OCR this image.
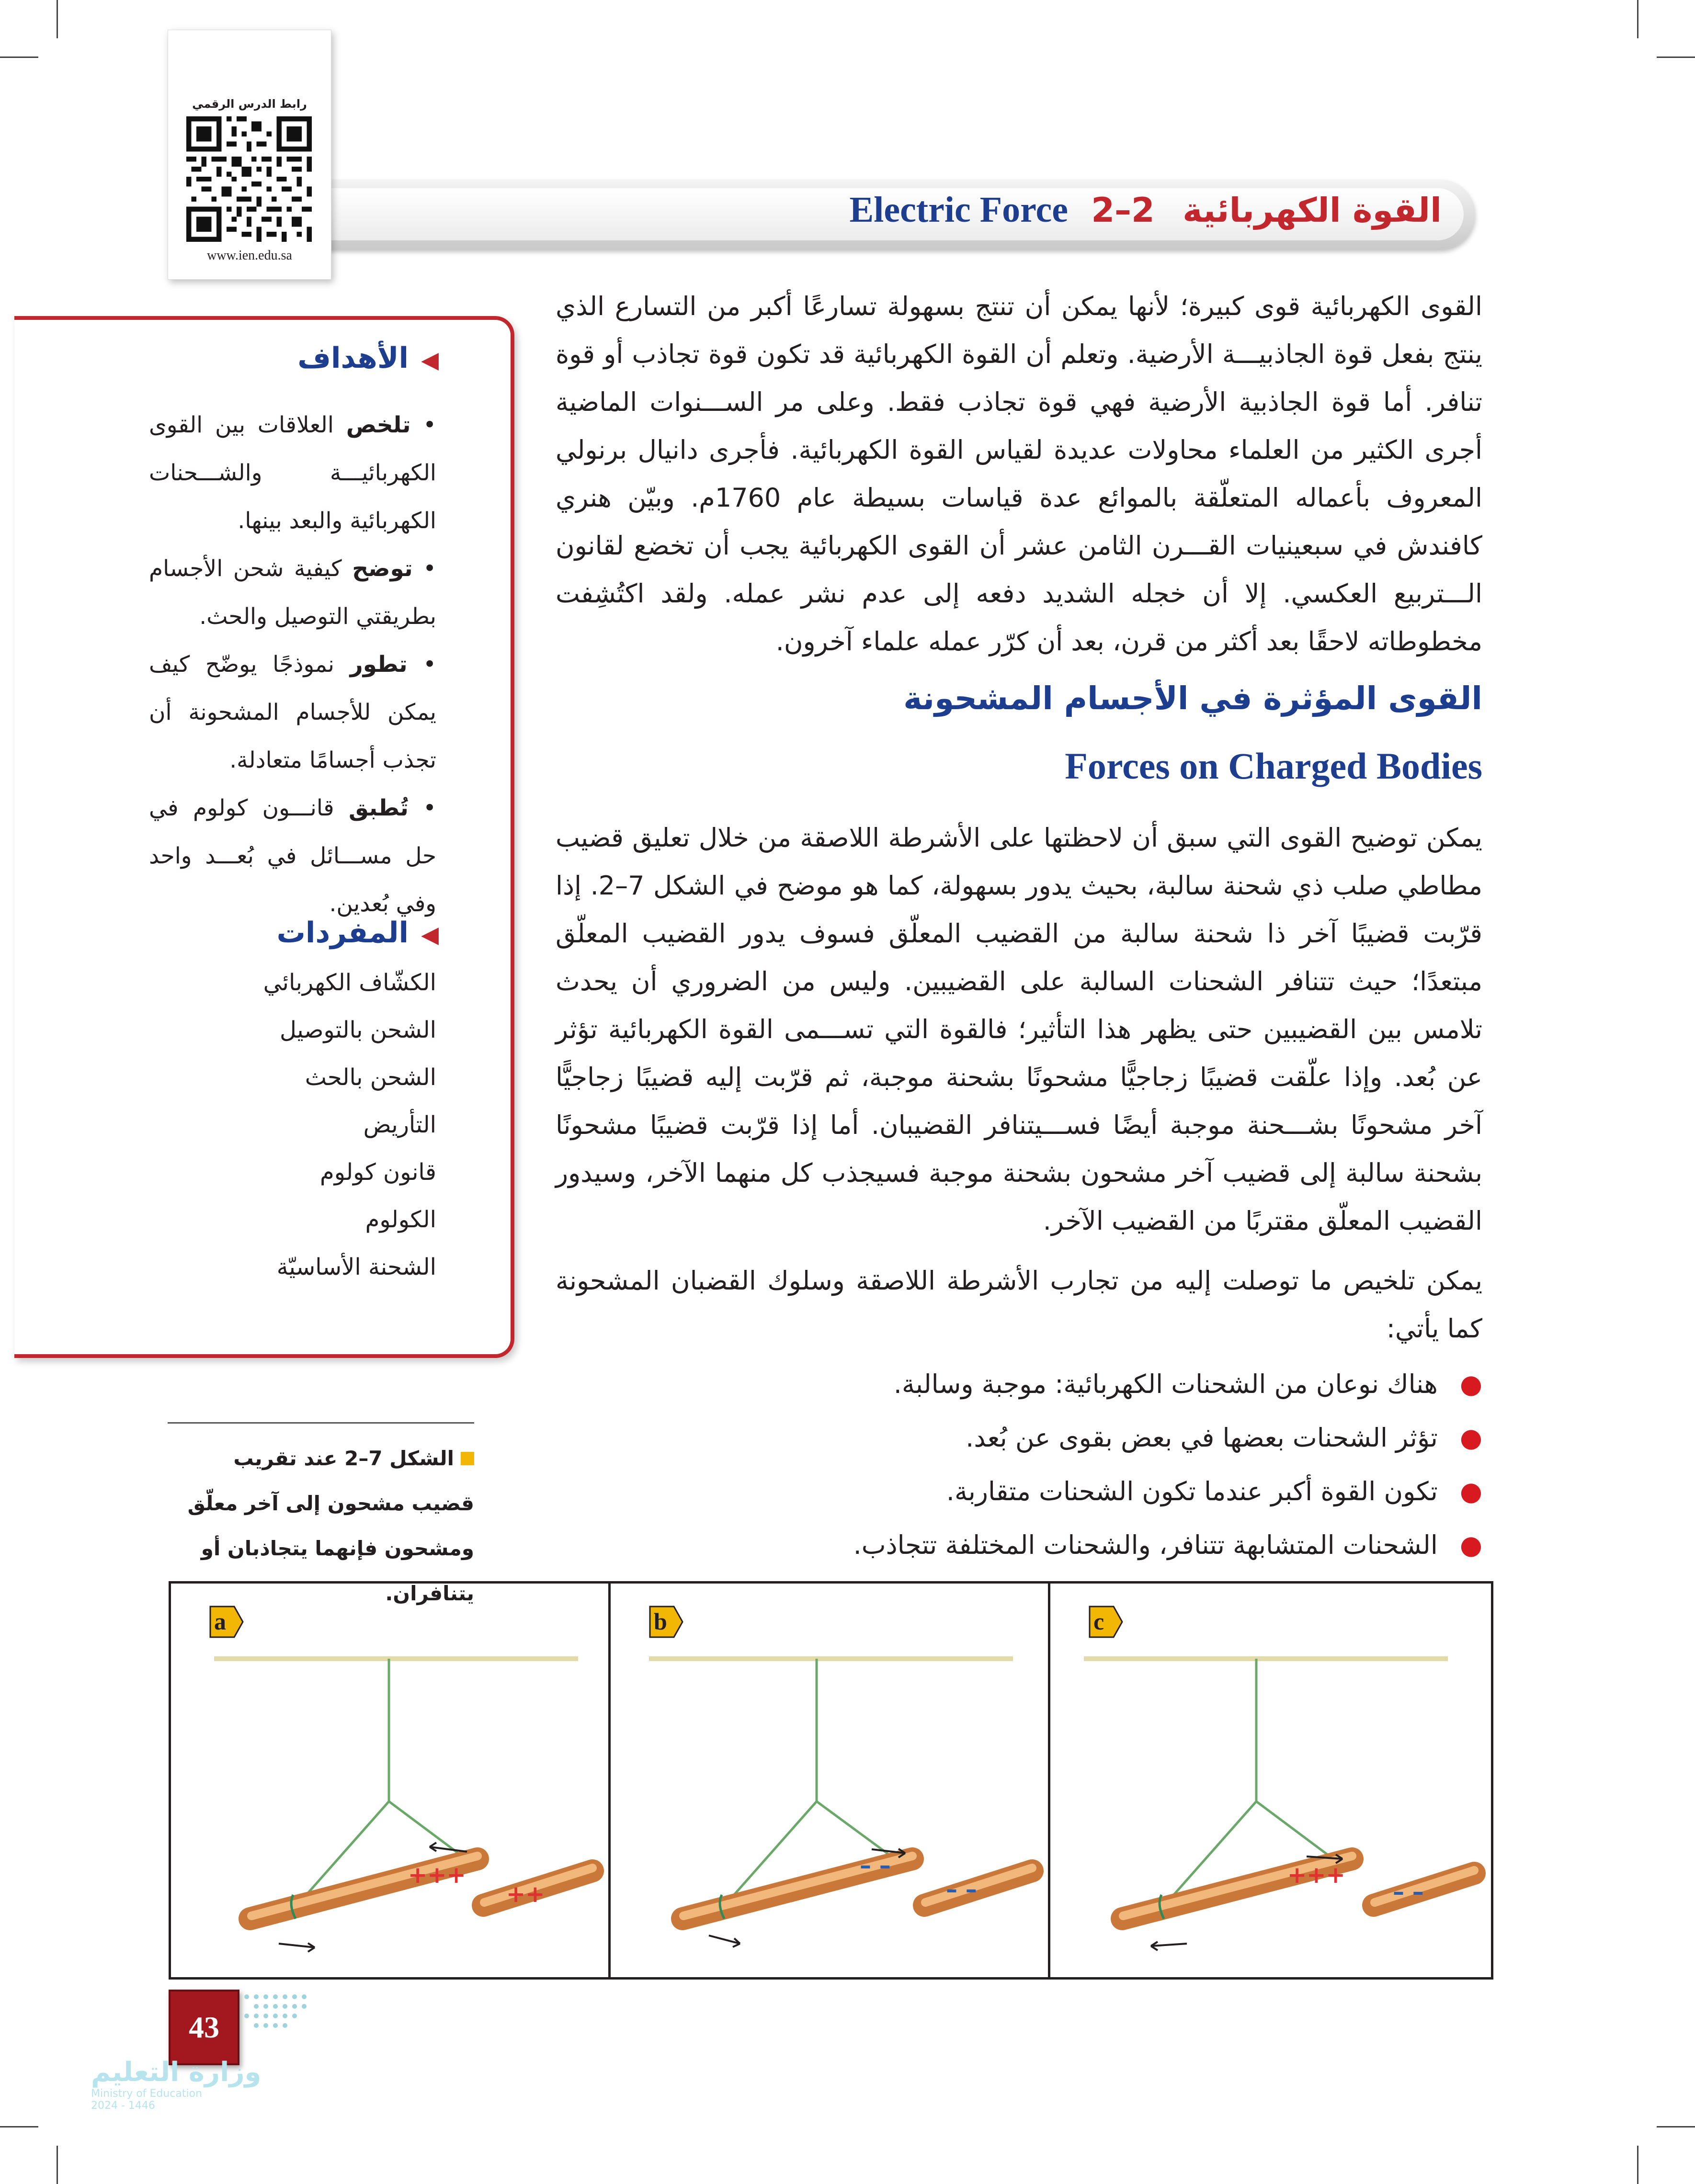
Electric Force	القوة الكهربائية 2–2
رابط الدرس الرقمي
www.ien.edu.sa

القوى الكهربائية قوى كبيرة؛ لأنها يمكن أن تنتج بسهولة تسارعًا أكبر من التسارع الذي ينتج بفعل قوة الجاذبيـــة الأرضية. وتعلم أن القوة الكهربائية قد تكون قوة تجاذب أو قوة تنافر. أما قوة الجاذبية الأرضية فهي قوة تجاذب فقط. وعلى مر الســـنوات الماضية أجرى الكثير من العلماء محاولات عديدة لقياس القوة الكهربائية. فأجرى دانيال برنولي المعروف بأعماله المتعلّقة بالموائع عدة قياسات بسيطة عام 1760م. وبيّن هنري كافندش في سبعينيات القـــرن الثامن عشر أن القوى الكهربائية يجب أن تخضع لقانون الـــتربيع العكسي. إلا أن خجله الشديد دفعه إلى عدم نشر عمله. ولقد اكتُشِفت مخطوطاته لاحقًا بعد أكثر من قرن، بعد أن كرّر عمله علماء آخرون.

القوى المؤثرة في الأجسام المشحونة
Forces on Charged Bodies

يمكن توضيح القوى التي سبق أن لاحظتها على الأشرطة اللاصقة من خلال تعليق قضيب مطاطي صلب ذي شحنة سالبة، بحيث يدور بسهولة، كما هو موضح في الشكل 7–2. إذا قرّبت قضيبًا آخر ذا شحنة سالبة من القضيب المعلّق فسوف يدور القضيب المعلّق مبتعدًا؛ حيث تتنافر الشحنات السالبة على القضيبين. وليس من الضروري أن يحدث تلامس بين القضيبين حتى يظهر هذا التأثير؛ فالقوة التي تســـمى القوة الكهربائية تؤثر عن بُعد. وإذا علّقت قضيبًا زجاجيًّا مشحونًا بشحنة موجبة، ثم قرّبت إليه قضيبًا زجاجيًّا آخر مشحونًا بشـــحنة موجبة أيضًا فســـيتنافر القضيبان. أما إذا قرّبت قضيبًا مشحونًا بشحنة سالبة إلى قضيب آخر مشحون بشحنة موجبة فسيجذب كل منهما الآخر، وسيدور القضيب المعلّق مقتربًا من القضيب الآخر.

يمكن تلخيص ما توصلت إليه من تجارب الأشرطة اللاصقة وسلوك القضبان المشحونة كما يأتي:

●هناك نوعان من الشحنات الكهربائية: موجبة وسالبة.
●تؤثر الشحنات بعضها في بعض بقوى عن بُعد.
●تكون القوة أكبر عندما تكون الشحنات متقاربة.
●الشحنات المتشابهة تتنافر، والشحنات المختلفة تتجاذب.
◀الأهداف
• تلخص العلاقات بين القوى الكهربائيـــة والشـــحنات الكهربائية والبعد بينها.
• توضح كيفية شحن الأجسام بطريقتي التوصيل والحث.
• تطور نموذجًا يوضّح كيف يمكن للأجسام المشحونة أن تجذب أجسامًا متعادلة.
• تُطبق قانـــون كولوم في حل مســـائل في بُعـــد واحد وفي بُعدين.
◀المفردات
الكشّاف الكهربائي
الشحن بالتوصيل
الشحن بالحث
التأريض
قانون كولوم
الكولوم
الشحنة الأساسيّة
الشكل 7–2 عند تقريب قضيب مشحون إلى آخر معلّق ومشحون فإنهما يتجاذبان أو يتنافران.
+++
++
a
– –
– –
b
+++
– –
c
43
وزارة التعليم
Ministry of Education
2024 - 1446
